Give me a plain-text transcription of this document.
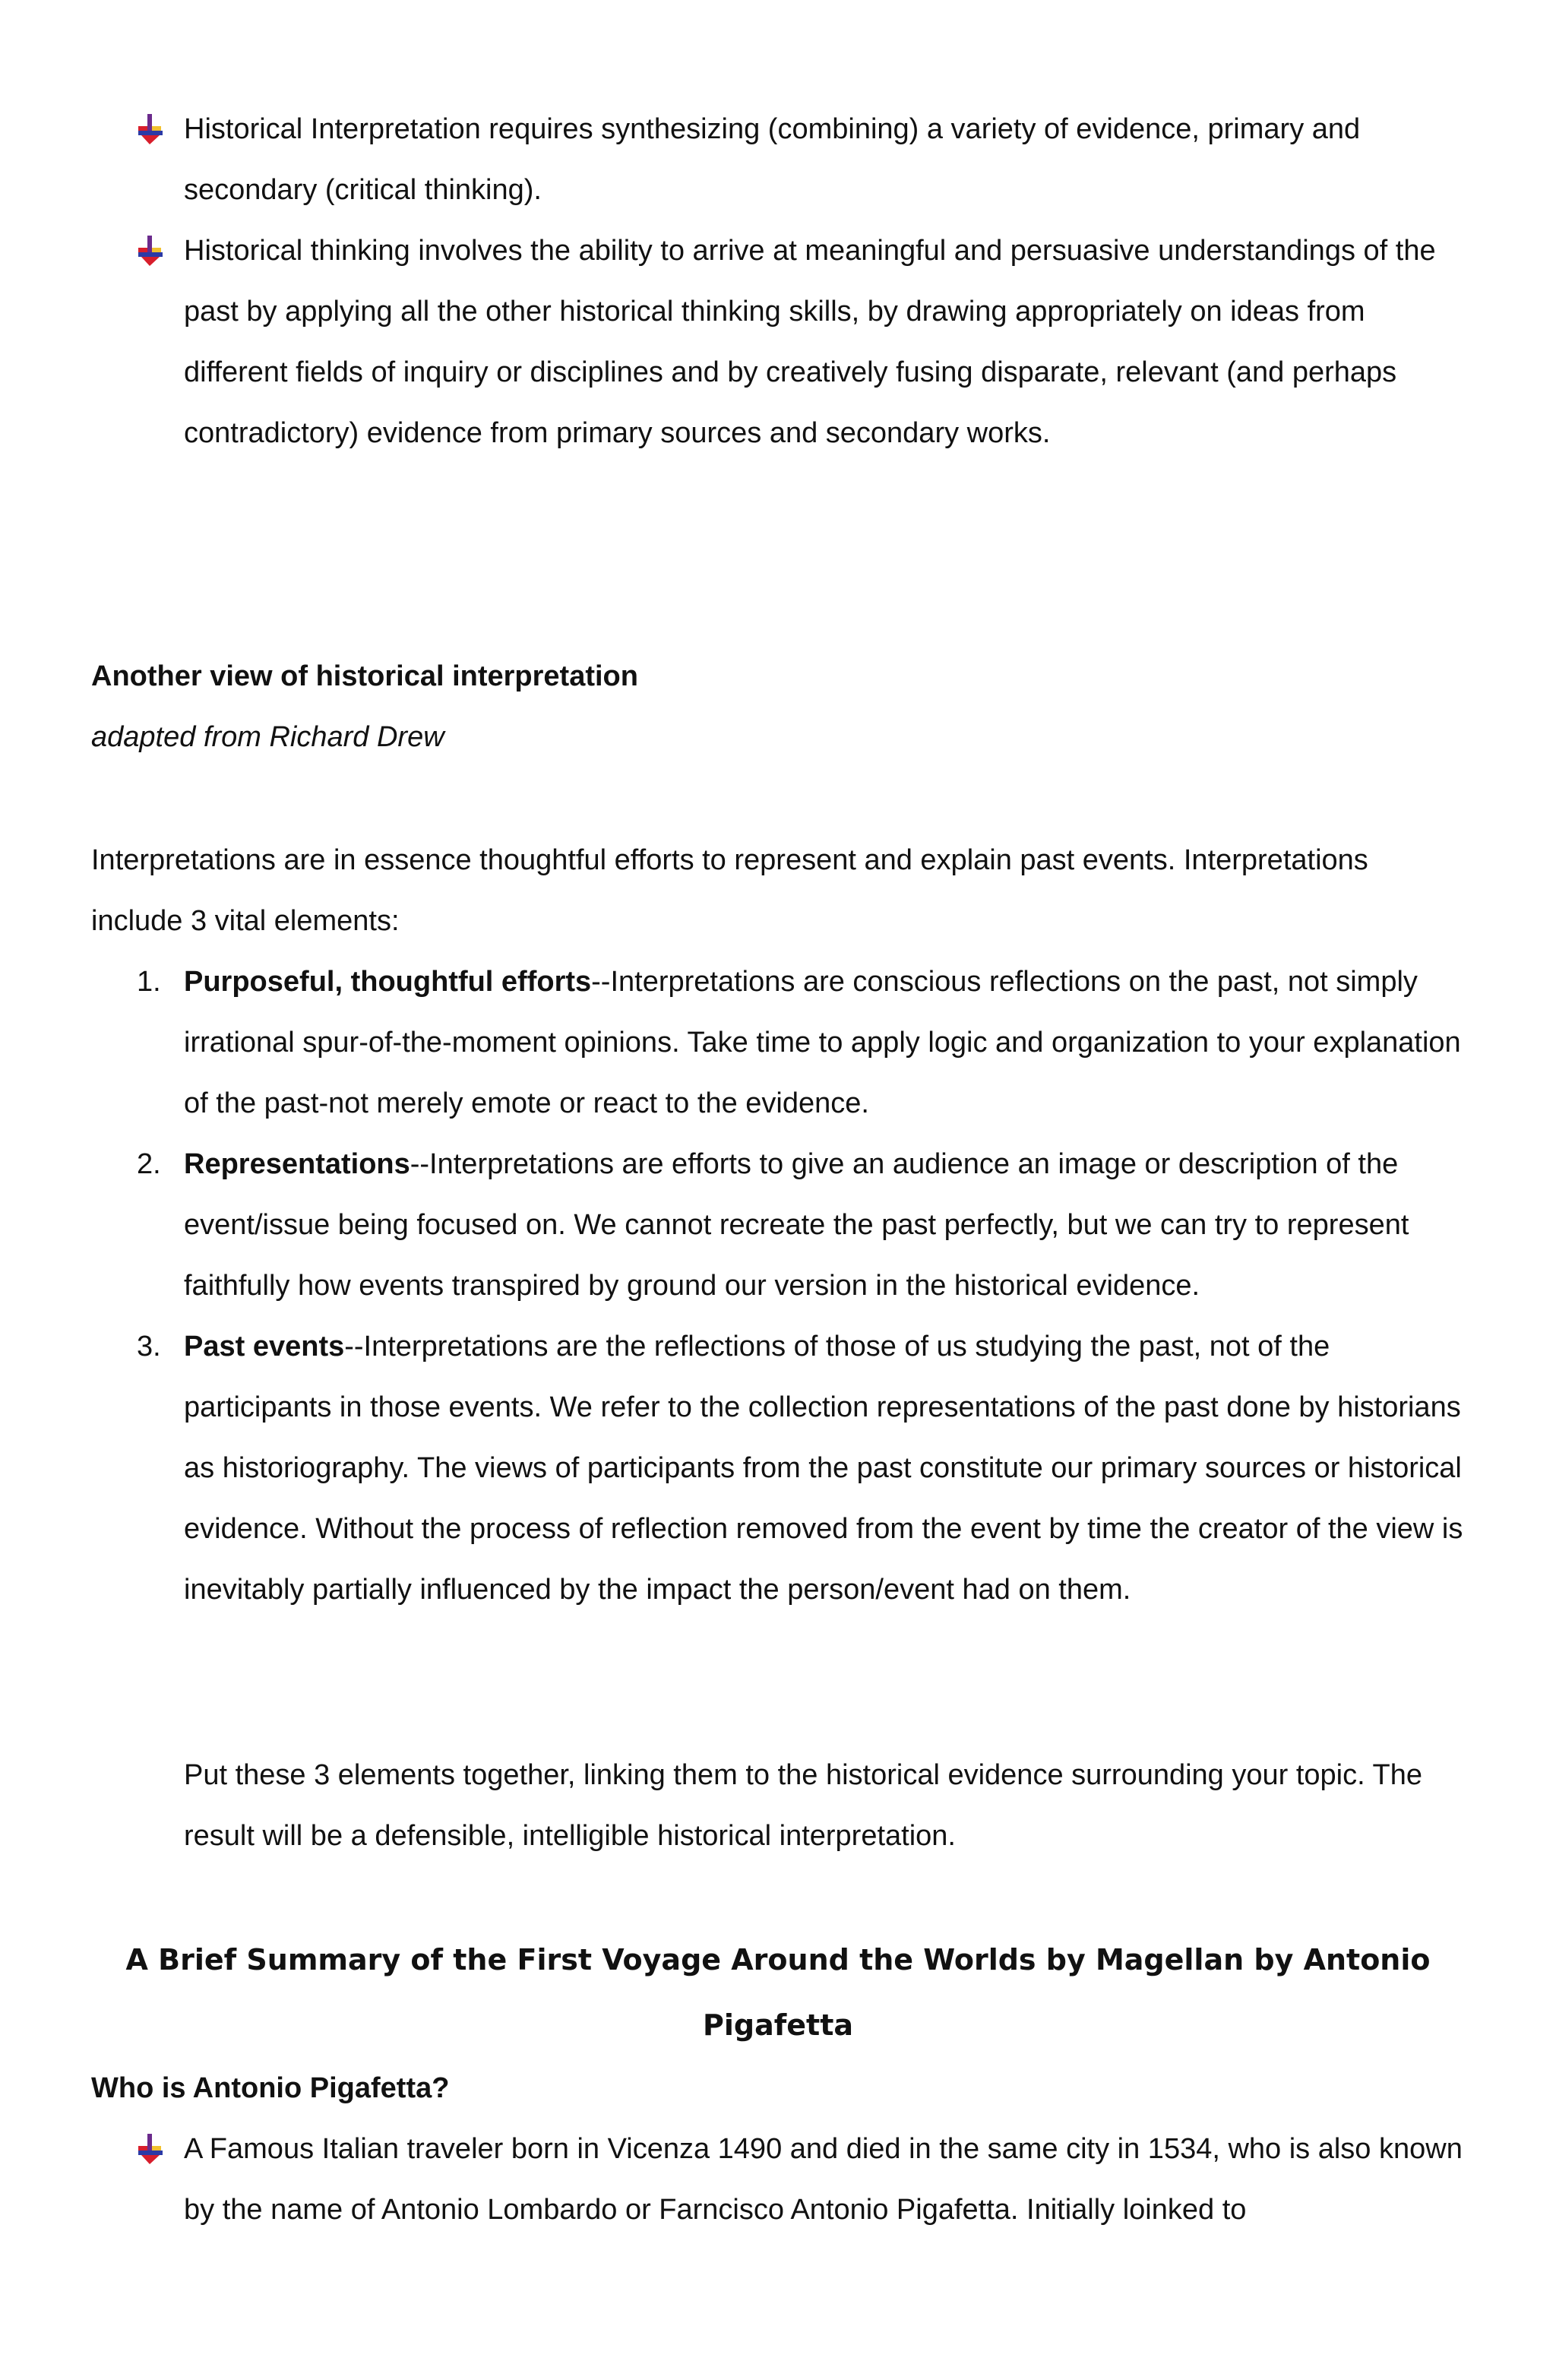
Historical Interpretation requires synthesizing (combining) a variety of evidence, primary and secondary (critical thinking).
Historical thinking involves the ability to arrive at meaningful and persuasive understandings of the past by applying all the other historical thinking skills, by drawing appropriately on ideas from different fields of inquiry or disciplines and by creatively fusing disparate, relevant (and perhaps contradictory) evidence from primary sources and secondary works.
Another view of historical interpretation
adapted from Richard Drew
Interpretations are in essence thoughtful efforts to represent and explain past events. Interpretations include 3 vital elements:
1. Purposeful, thoughtful efforts--Interpretations are conscious reflections on the past, not simply irrational spur-of-the-moment opinions. Take time to apply logic and organization to your explanation of the past-not merely emote or react to the evidence.
2. Representations--Interpretations are efforts to give an audience an image or description of the event/issue being focused on. We cannot recreate the past perfectly, but we can try to represent faithfully how events transpired by ground our version in the historical evidence.
3. Past events--Interpretations are the reflections of those of us studying the past, not of the participants in those events. We refer to the collection representations of the past done by historians as historiography. The views of participants from the past constitute our primary sources or historical evidence. Without the process of reflection removed from the event by time the creator of the view is inevitably partially influenced by the impact the person/event had on them.
Put these 3 elements together, linking them to the historical evidence surrounding your topic. The result will be a defensible, intelligible historical interpretation.
A Brief Summary of the First Voyage Around the Worlds by Magellan by Antonio Pigafetta
Who is Antonio Pigafetta?
A Famous Italian traveler born in Vicenza 1490 and died in the same city in 1534, who is also known by the name of Antonio Lombardo or Farncisco Antonio Pigafetta. Initially loinked to
